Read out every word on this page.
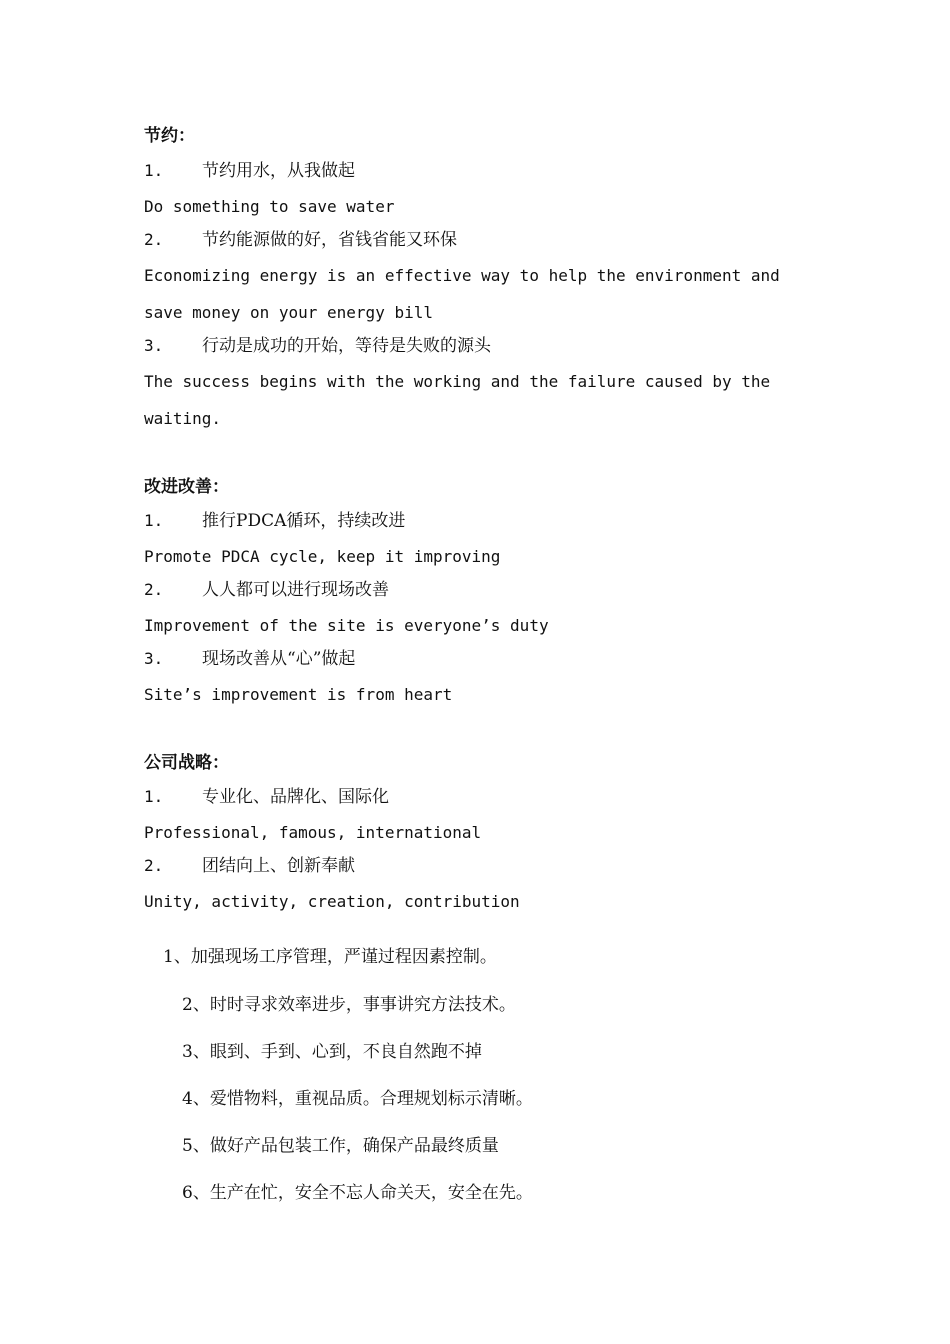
节约：
1. 节约用水，从我做起
Do something to save water
2. 节约能源做的好，省钱省能又环保
Economizing energy is an effective way to help the environment and
save money on your energy bill
3. 行动是成功的开始，等待是失败的源头
The success begins with the working and the failure caused by the
waiting.
改进改善：
1. 推行PDCA循环，持续改进
Promote PDCA cycle, keep it improving
2. 人人都可以进行现场改善
Improvement of the site is everyone’s duty
3. 现场改善从“心”做起
Site’s improvement is from heart
公司战略：
1. 专业化、品牌化、国际化
Professional, famous, international
2. 团结向上、创新奉献
Unity, activity, creation, contribution
1、加强现场工序管理，严谨过程因素控制。
2、时时寻求效率进步，事事讲究方法技术。
3、眼到、手到、心到，不良自然跑不掉
4、爱惜物料，重视品质。合理规划标示清晰。
5、做好产品包装工作，确保产品最终质量
6、生产在忙，安全不忘人命关天，安全在先。
